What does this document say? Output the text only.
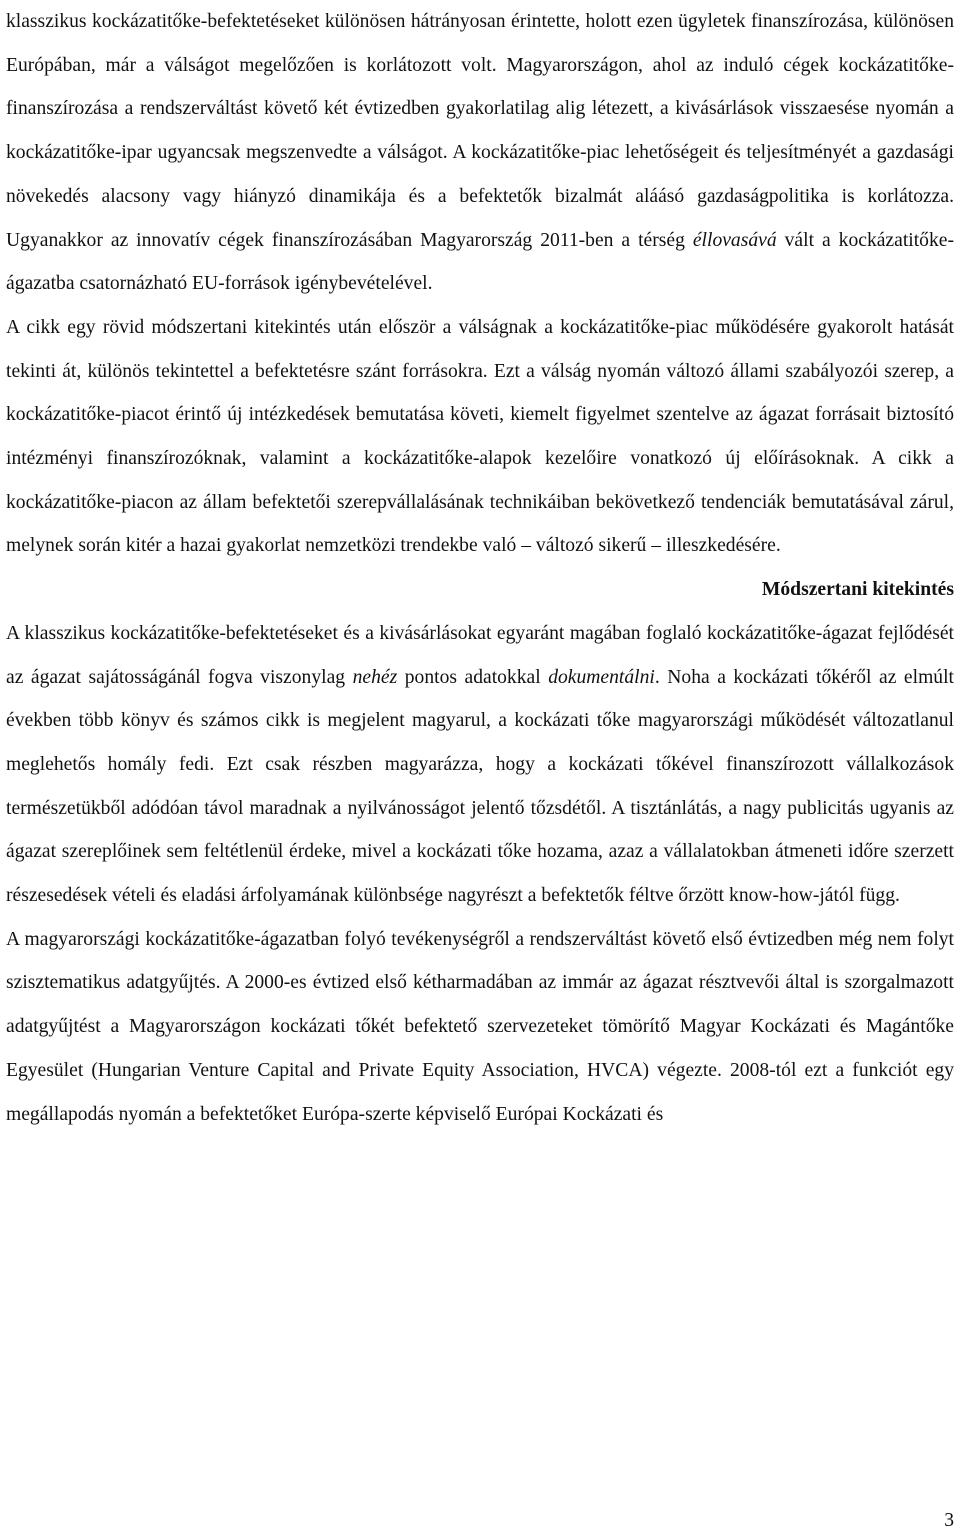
klasszikus kockázatitőke-befektetéseket különösen hátrányosan érintette, holott ezen ügyletek finanszírozása, különösen Európában, már a válságot megelőzően is korlátozott volt. Magyarországon, ahol az induló cégek kockázatitőke-finanszírozása a rendszerváltást követő két évtizedben gyakorlatilag alig létezett, a kivásárlások visszaesése nyomán a kockázatitőke-ipar ugyancsak megszenvedte a válságot. A kockázatitőke-piac lehetőségeit és teljesítményét a gazdasági növekedés alacsony vagy hiányzó dinamikája és a befektetők bizalmát aláásó gazdaságpolitika is korlátozza. Ugyanakkor az innovatív cégek finanszírozásában Magyarország 2011-ben a térség éllovasává vált a kockázatitőke-ágazatba csatornázható EU-források igénybevételével.

A cikk egy rövid módszertani kitekintés után először a válságnak a kockázatitőke-piac működésére gyakorolt hatását tekinti át, különös tekintettel a befektetésre szánt forrásokra. Ezt a válság nyomán változó állami szabályozói szerep, a kockázatitőke-piacot érintő új intézkedések bemutatása követi, kiemelt figyelmet szentelve az ágazat forrásait biztosító intézményi finanszírozóknak, valamint a kockázatitőke-alapok kezelőire vonatkozó új előírásoknak. A cikk a kockázatitőke-piacon az állam befektetői szerepvállalásának technikáiban bekövetkező tendenciák bemutatásával zárul, melynek során kitér a hazai gyakorlat nemzetközi trendekbe való – változó sikerű – illeszkedésére.

Módszertani kitekintés

A klasszikus kockázatitőke-befektetéseket és a kivásárlásokat egyaránt magában foglaló kockázatitőke-ágazat fejlődését az ágazat sajátosságánál fogva viszonylag nehéz pontos adatokkal dokumentálni. Noha a kockázati tőkéről az elmúlt években több könyv és számos cikk is megjelent magyarul, a kockázati tőke magyarországi működését változatlanul meglehetős homály fedi. Ezt csak részben magyarázza, hogy a kockázati tőkével finanszírozott vállalkozások természetükből adódóan távol maradnak a nyilvánosságot jelentő tőzsdétől. A tisztánlátás, a nagy publicitás ugyanis az ágazat szereplőinek sem feltétlenül érdeke, mivel a kockázati tőke hozama, azaz a vállalatokban átmeneti időre szerzett részesedések vételi és eladási árfolyamának különbsége nagyrészt a befektetők féltve őrzött know-how-jától függ.

A magyarországi kockázatitőke-ágazatban folyó tevékenységről a rendszerváltást követő első évtizedben még nem folyt szisztematikus adatgyűjtés. A 2000-es évtized első kétharmadában az immár az ágazat résztvevői által is szorgalmazott adatgyűjtést a Magyarországon kockázati tőkét befektető szervezeteket tömörítő Magyar Kockázati és Magántőke Egyesület (Hungarian Venture Capital and Private Equity Association, HVCA) végezte. 2008-tól ezt a funkciót egy megállapodás nyomán a befektetőket Európa-szerte képviselő Európai Kockázati és

3
